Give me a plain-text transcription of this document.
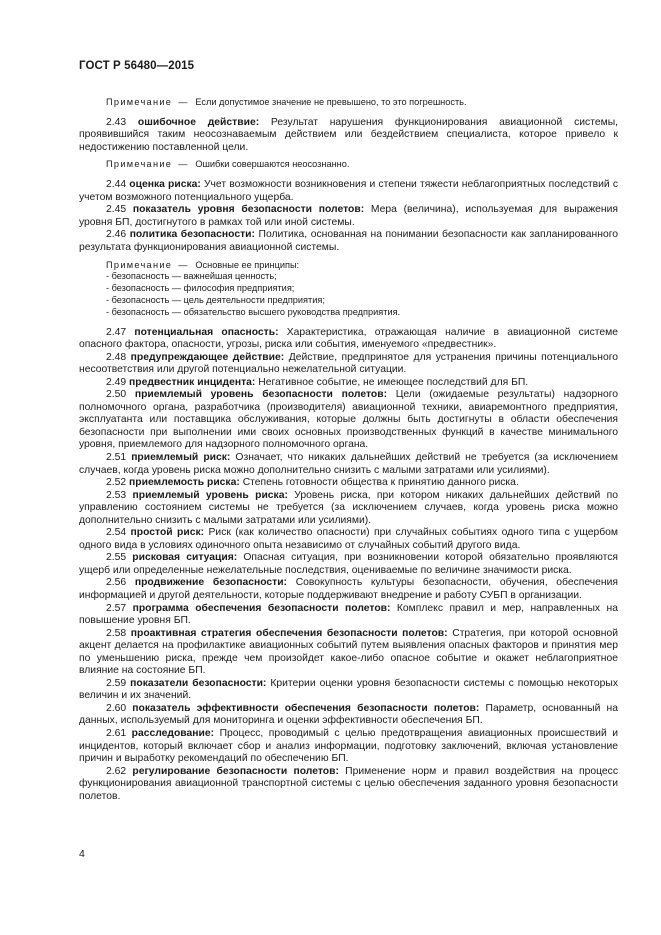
ГОСТ Р 56480—2015
Примечание — Если допустимое значение не превышено, то это погрешность.

2.43 ошибочное действие: Результат нарушения функционирования авиационной системы, проявившийся таким неосознаваемым действием или бездействием специалиста, которое привело к недостижению поставленной цели.

Примечание — Ошибки совершаются неосознанно.

2.44 оценка риска: Учет возможности возникновения и степени тяжести неблагоприятных последствий с учетом возможного потенциального ущерба.

2.45 показатель уровня безопасности полетов: Мера (величина), используемая для выражения уровня БП, достигнутого в рамках той или иной системы.

2.46 политика безопасности: Политика, основанная на понимании безопасности как запланированного результата функционирования авиационной системы.

Примечание — Основные ее принципы:
- безопасность — важнейшая ценность;
- безопасность — философия предприятия;
- безопасность — цель деятельности предприятия;
- безопасность — обязательство высшего руководства предприятия.

2.47 потенциальная опасность: Характеристика, отражающая наличие в авиационной системе опасного фактора, опасности, угрозы, риска или события, именуемого «предвестник».

2.48 предупреждающее действие: Действие, предпринятое для устранения причины потенциального несоответствия или другой потенциально нежелательной ситуации.

2.49 предвестник инцидента: Негативное событие, не имеющее последствий для БП.

2.50 приемлемый уровень безопасности полетов: Цели (ожидаемые результаты) надзорного полномочного органа, разработчика (производителя) авиационной техники, авиаремонтного предприятия, эксплуатанта или поставщика обслуживания, которые должны быть достигнуты в области обеспечения безопасности при выполнении ими своих основных производственных функций в качестве минимального уровня, приемлемого для надзорного полномочного органа.

2.51 приемлемый риск: Означает, что никаких дальнейших действий не требуется (за исключением случаев, когда уровень риска можно дополнительно снизить с малыми затратами или усилиями).

2.52 приемлемость риска: Степень готовности общества к принятию данного риска.

2.53 приемлемый уровень риска: Уровень риска, при котором никаких дальнейших действий по управлению состоянием системы не требуется (за исключением случаев, когда уровень риска можно дополнительно снизить с малыми затратами или усилиями).

2.54 простой риск: Риск (как количество опасности) при случайных событиях одного типа с ущербом одного вида в условиях одиночного опыта независимо от случайных событий другого вида.

2.55 рисковая ситуация: Опасная ситуация, при возникновении которой обязательно проявляются ущерб или определенные нежелательные последствия, оцениваемые по величине значимости риска.

2.56 продвижение безопасности: Совокупность культуры безопасности, обучения, обеспечения информацией и другой деятельности, которые поддерживают внедрение и работу СУБП в организации.

2.57 программа обеспечения безопасности полетов: Комплекс правил и мер, направленных на повышение уровня БП.

2.58 проактивная стратегия обеспечения безопасности полетов: Стратегия, при которой основной акцент делается на профилактике авиационных событий путем выявления опасных факторов и принятия мер по уменьшению риска, прежде чем произойдет какое-либо опасное событие и окажет неблагоприятное влияние на состояние БП.

2.59 показатели безопасности: Критерии оценки уровня безопасности системы с помощью некоторых величин и их значений.

2.60 показатель эффективности обеспечения безопасности полетов: Параметр, основанный на данных, используемый для мониторинга и оценки эффективности обеспечения БП.

2.61 расследование: Процесс, проводимый с целью предотвращения авиационных происшествий и инцидентов, который включает сбор и анализ информации, подготовку заключений, включая установление причин и выработку рекомендаций по обеспечению БП.

2.62 регулирование безопасности полетов: Применение норм и правил воздействия на процесс функционирования авиационной транспортной системы с целью обеспечения заданного уровня безопасности полетов.

4
